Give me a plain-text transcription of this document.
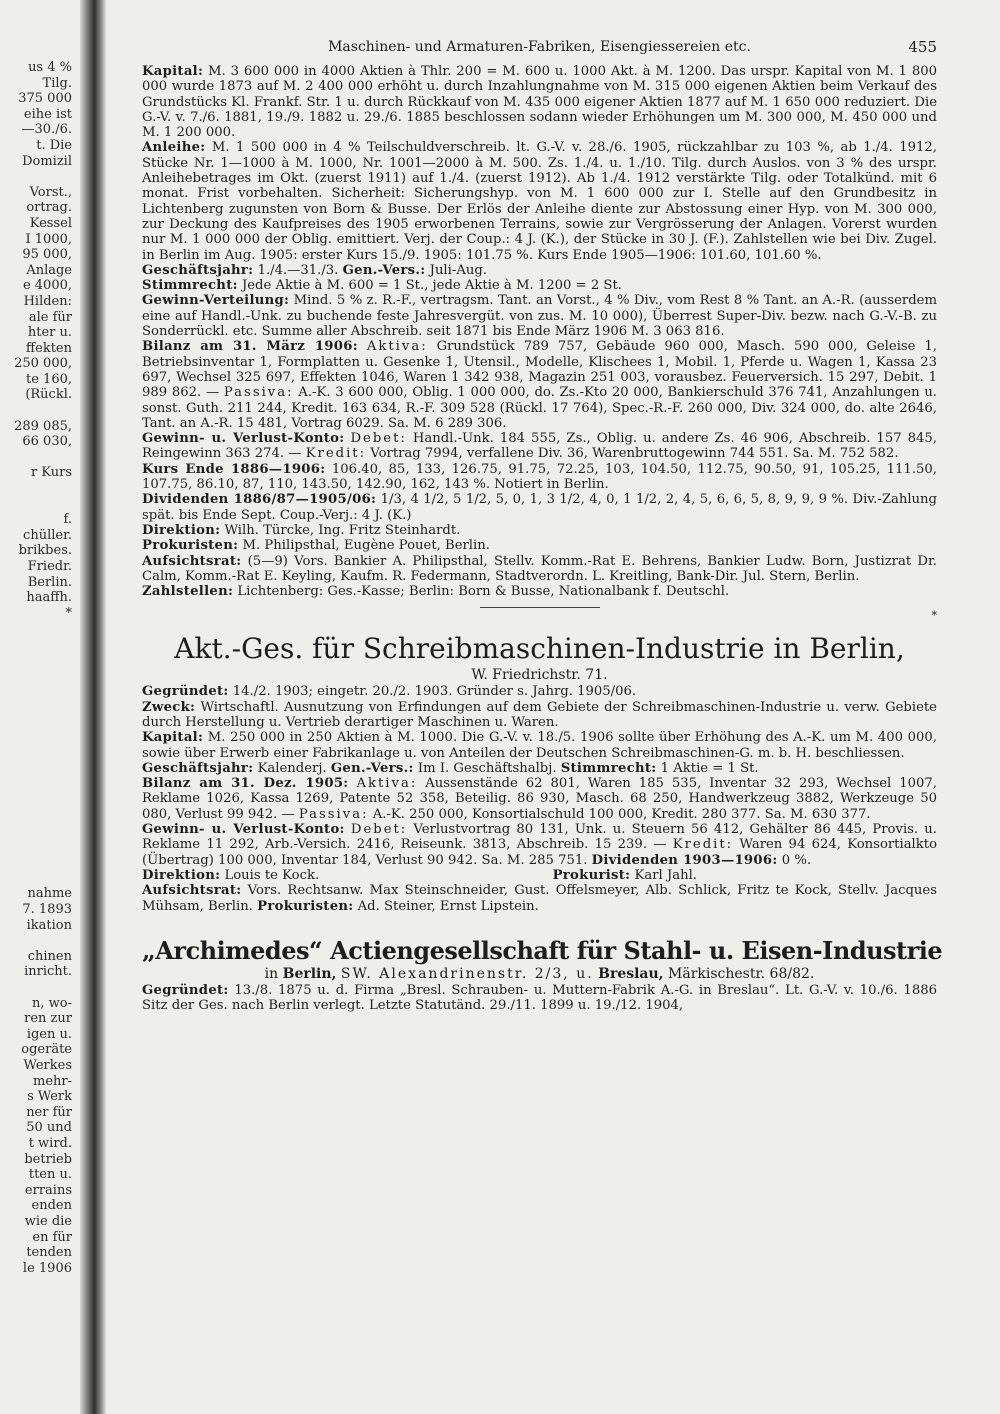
us 4 %
Tilg.
375 000
eihe ist
—30./6.
t. Die
Domizil
Vorst.,
ortrag.
Kessel
I 1000,
95 000,
Anlage
e 4000,
Hilden:
ale für
hter u.
ffekten
250 000,
te 160,
(Rückl.
289 085,
66 030,
r Kurs
f.
chüller.
brikbes.
Friedr.
Berlin.
haaffh.
*
nahme
7. 1893
ikation
chinen
inricht.
n, wo-
ren zur
igen u.
ogeräte
Werkes
mehr-
s Werk
ner für
50 und
t wird.
betrieb
tten u.
errains
enden
wie die
en für
tenden
le 1906
Maschinen- und Armaturen-Fabriken, Eisengiessereien etc.	455

Kapital: M. 3 600 000 in 4000 Aktien à Thlr. 200 = M. 600 u. 1000 Akt. à M. 1200. Das urspr. Kapital von M. 1 800 000 wurde 1873 auf M. 2 400 000 erhöht u. durch Inzahlungnahme von M. 315 000 eigenen Aktien beim Verkauf des Grundstücks Kl. Frankf. Str. 1 u. durch Rückkauf von M. 435 000 eigener Aktien 1877 auf M. 1 650 000 reduziert. Die G.-V. v. 7./6. 1881, 19./9. 1882 u. 29./6. 1885 beschlossen sodann wieder Erhöhungen um M. 300 000, M. 450 000 und M. 1 200 000.

Anleihe: M. 1 500 000 in 4 % Teilschuldverschreib. lt. G.-V. v. 28./6. 1905, rückzahlbar zu 103 %, ab 1./4. 1912, Stücke Nr. 1—1000 à M. 1000, Nr. 1001—2000 à M. 500. Zs. 1./4. u. 1./10. Tilg. durch Auslos. von 3 % des urspr. Anleihebetrages im Okt. (zuerst 1911) auf 1./4. (zuerst 1912). Ab 1./4. 1912 verstärkte Tilg. oder Totalkünd. mit 6 monat. Frist vorbehalten. Sicherheit: Sicherungshyp. von M. 1 600 000 zur I. Stelle auf den Grundbesitz in Lichtenberg zugunsten von Born & Busse. Der Erlös der Anleihe diente zur Abstossung einer Hyp. von M. 300 000, zur Deckung des Kaufpreises des 1905 erworbenen Terrains, sowie zur Vergrösserung der Anlagen. Vorerst wurden nur M. 1 000 000 der Oblig. emittiert. Verj. der Coup.: 4 J. (K.), der Stücke in 30 J. (F.). Zahlstellen wie bei Div. Zugel. in Berlin im Aug. 1905: erster Kurs 15./9. 1905: 101.75 %. Kurs Ende 1905—1906: 101.60, 101.60 %.

Geschäftsjahr: 1./4.—31./3. Gen.-Vers.: Juli-Aug.

Stimmrecht: Jede Aktie à M. 600 = 1 St., jede Aktie à M. 1200 = 2 St.

Gewinn-Verteilung: Mind. 5 % z. R.-F., vertragsm. Tant. an Vorst., 4 % Div., vom Rest 8 % Tant. an A.-R. (ausserdem eine auf Handl.-Unk. zu buchende feste Jahresvergüt. von zus. M. 10 000), Überrest Super-Div. bezw. nach G.-V.-B. zu Sonderrückl. etc. Summe aller Abschreib. seit 1871 bis Ende März 1906 M. 3 063 816.

Bilanz am 31. März 1906: Aktiva: Grundstück 789 757, Gebäude 960 000, Masch. 590 000, Geleise 1, Betriebsinventar 1, Formplatten u. Gesenke 1, Utensil., Modelle, Klischees 1, Mobil. 1, Pferde u. Wagen 1, Kassa 23 697, Wechsel 325 697, Effekten 1046, Waren 1 342 938, Magazin 251 003, vorausbez. Feuerversich. 15 297, Debit. 1 989 862. — Passiva: A.-K. 3 600 000, Oblig. 1 000 000, do. Zs.-Kto 20 000, Bankierschuld 376 741, Anzahlungen u. sonst. Guth. 211 244, Kredit. 163 634, R.-F. 309 528 (Rückl. 17 764), Spec.-R.-F. 260 000, Div. 324 000, do. alte 2646, Tant. an A.-R. 15 481, Vortrag 6029. Sa. M. 6 289 306.

Gewinn- u. Verlust-Konto: Debet: Handl.-Unk. 184 555, Zs., Oblig. u. andere Zs. 46 906, Abschreib. 157 845, Reingewinn 363 274. — Kredit: Vortrag 7994, verfallene Div. 36, Warenbruttogewinn 744 551. Sa. M. 752 582.

Kurs Ende 1886—1906: 106.40, 85, 133, 126.75, 91.75, 72.25, 103, 104.50, 112.75, 90.50, 91, 105.25, 111.50, 107.75, 86.10, 87, 110, 143.50, 142.90, 162, 143 %. Notiert in Berlin.

Dividenden 1886/87—1905/06: 1/3, 4 1/2, 5 1/2, 5, 0, 1, 3 1/2, 4, 0, 1 1/2, 2, 4, 5, 6, 6, 5, 8, 9, 9, 9 %. Div.-Zahlung spät. bis Ende Sept. Coup.-Verj.: 4 J. (K.)

Direktion: Wilh. Türcke, Ing. Fritz Steinhardt.

Prokuristen: M. Philipsthal, Eugène Pouet, Berlin.

Aufsichtsrat: (5—9) Vors. Bankier A. Philipsthal, Stellv. Komm.-Rat E. Behrens, Bankier Ludw. Born, Justizrat Dr. Calm, Komm.-Rat E. Keyling, Kaufm. R. Federmann, Stadtverordn. L. Kreitling, Bank-Dir. Jul. Stern, Berlin.

Zahlstellen: Lichtenberg: Ges.-Kasse; Berlin: Born & Busse, Nationalbank f. Deutschl.

*
Akt.-Ges. für Schreibmaschinen-Industrie in Berlin,
W. Friedrichstr. 71.

Gegründet: 14./2. 1903; eingetr. 20./2. 1903. Gründer s. Jahrg. 1905/06.

Zweck: Wirtschaftl. Ausnutzung von Erfindungen auf dem Gebiete der Schreibmaschinen-Industrie u. verw. Gebiete durch Herstellung u. Vertrieb derartiger Maschinen u. Waren.

Kapital: M. 250 000 in 250 Aktien à M. 1000. Die G.-V. v. 18./5. 1906 sollte über Erhöhung des A.-K. um M. 400 000, sowie über Erwerb einer Fabrikanlage u. von Anteilen der Deutschen Schreibmaschinen-G. m. b. H. beschliessen.

Geschäftsjahr: Kalenderj. Gen.-Vers.: Im I. Geschäftshalbj. Stimmrecht: 1 Aktie = 1 St.

Bilanz am 31. Dez. 1905: Aktiva: Aussenstände 62 801, Waren 185 535, Inventar 32 293, Wechsel 1007, Reklame 1026, Kassa 1269, Patente 52 358, Beteilig. 86 930, Masch. 68 250, Handwerkzeug 3882, Werkzeuge 50 080, Verlust 99 942. — Passiva: A.-K. 250 000, Konsortialschuld 100 000, Kredit. 280 377. Sa. M. 630 377.

Gewinn- u. Verlust-Konto: Debet: Verlustvortrag 80 131, Unk. u. Steuern 56 412, Gehälter 86 445, Provis. u. Reklame 11 292, Arb.-Versich. 2416, Reiseunk. 3813, Abschreib. 15 239. — Kredit: Waren 94 624, Konsortialkto (Übertrag) 100 000, Inventar 184, Verlust 90 942. Sa. M. 285 751. Dividenden 1903—1906: 0 %.

Direktion: Louis te Kock.	Prokurist: Karl Jahl.

Aufsichtsrat: Vors. Rechtsanw. Max Steinschneider, Gust. Offelsmeyer, Alb. Schlick, Fritz te Kock, Stellv. Jacques Mühsam, Berlin. Prokuristen: Ad. Steiner, Ernst Lipstein.

„Archimedes“ Actiengesellschaft für Stahl- u. Eisen-Industrie
in Berlin, SW. Alexandrinenstr. 2/3, u. Breslau, Märkischestr. 68/82.

Gegründet: 13./8. 1875 u. d. Firma „Bresl. Schrauben- u. Muttern-Fabrik A.-G. in Breslau“. Lt. G.-V. v. 10./6. 1886 Sitz der Ges. nach Berlin verlegt. Letzte Statutänd. 29./11. 1899 u. 19./12. 1904,
